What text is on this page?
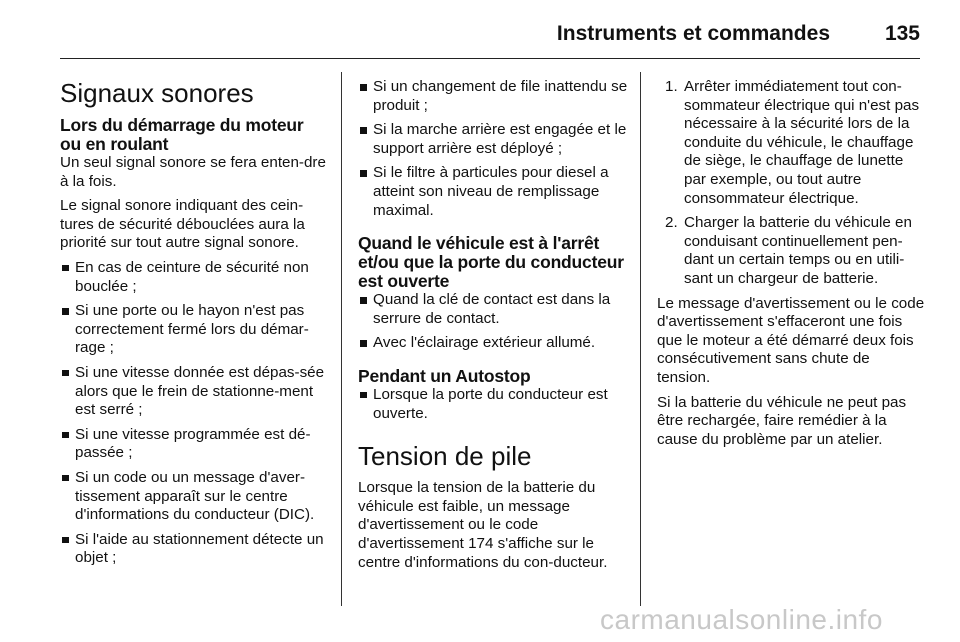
Instruments et commandes	135
Signaux sonores
Lors du démarrage du moteur ou en roulant

Un seul signal sonore se fera enten-dre à la fois.

Le signal sonore indiquant des cein-tures de sécurité débouclées aura la priorité sur tout autre signal sonore.

En cas de ceinture de sécurité non bouclée ;
Si une porte ou le hayon n'est pas correctement fermé lors du démar-rage ;
Si une vitesse donnée est dépas-sée alors que le frein de stationne-ment est serré ;
Si une vitesse programmée est dé-passée ;
Si un code ou un message d'aver-tissement apparaît sur le centre d'informations du conducteur (DIC).
Si l'aide au stationnement détecte un objet ;
Si un changement de file inattendu se produit ;
Si la marche arrière est engagée et le support arrière est déployé ;
Si le filtre à particules pour diesel a atteint son niveau de remplissage maximal.
Quand le véhicule est à l'arrêt et/ou que la porte du conducteur est ouverte
Quand la clé de contact est dans la serrure de contact.
Avec l'éclairage extérieur allumé.
Pendant un Autostop
Lorsque la porte du conducteur est ouverte.
Tension de pile

Lorsque la tension de la batterie du véhicule est faible, un message d'avertissement ou le code d'avertissement 174 s'affiche sur le centre d'informations du con-ducteur.

1. Arrêter immédiatement tout con-sommateur électrique qui n'est pas nécessaire à la sécurité lors de la conduite du véhicule, le chauffage de siège, le chauffage de lunette par exemple, ou tout autre consommateur électrique.
2. Charger la batterie du véhicule en conduisant continuellement pen-dant un certain temps ou en utili-sant un chargeur de batterie.

Le message d'avertissement ou le code d'avertissement s'effaceront une fois que le moteur a été démarré deux fois consécutivement sans chute de tension.

Si la batterie du véhicule ne peut pas être rechargée, faire remédier à la cause du problème par un atelier.

carmanualsonline.info
